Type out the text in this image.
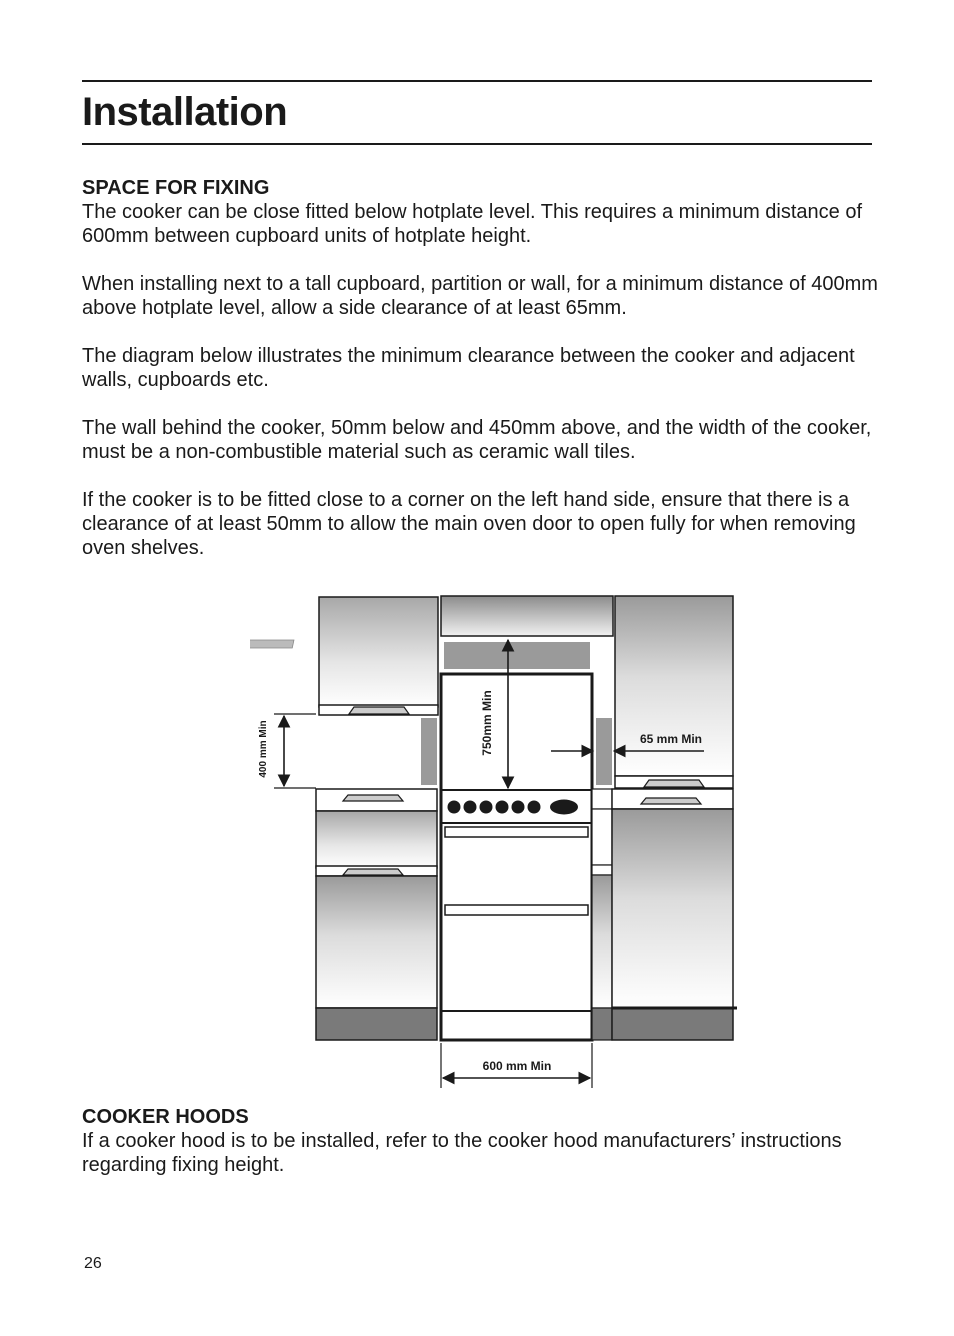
Installation

SPACE FOR FIXING

The cooker can be close fitted below hotplate level. This requires a minimum distance of 600mm between cupboard units of hotplate height.

When installing next to a tall cupboard, partition or wall, for a minimum distance of 400mm above hotplate level, allow a side clearance of at least 65mm.

The diagram below illustrates the minimum clearance between the cooker and adjacent walls, cupboards etc.

The wall behind the cooker, 50mm below and 450mm above, and the width of the cooker, must be a non-combustible material such as ceramic wall tiles.

If the cooker is to be fitted close to a corner on the left hand side, ensure that there is a clearance of at least 50mm to allow the main oven door to open fully for when removing oven shelves.

400 mm Min	750mm Min	65 mm Min
600 mm Min

COOKER HOODS

If a cooker hood is to be installed, refer to the cooker hood manufacturers’ instructions regarding fixing height.

26
